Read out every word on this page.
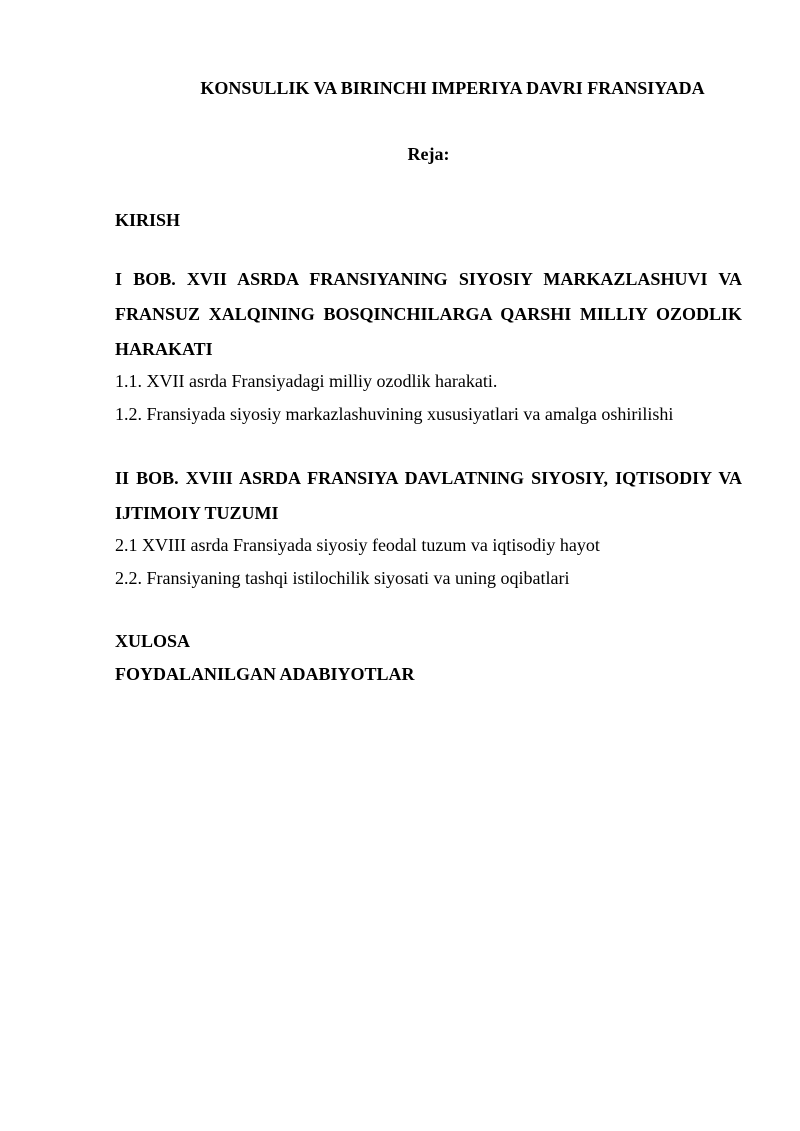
KONSULLIK VA BIRINCHI IMPERIYA DAVRI FRANSIYADA

Reja:

KIRISH

I BOB. XVII ASRDA FRANSIYANING SIYOSIY MARKAZLASHUVI VA FRANSUZ XALQINING BOSQINCHILARGA QARSHI MILLIY OZODLIK HARAKATI

1.1. XVII asrda Fransiyadagi milliy ozodlik harakati.

1.2. Fransiyada siyosiy markazlashuvining xususiyatlari va amalga oshirilishi

II BOB. XVIII ASRDA FRANSIYA DAVLATNING SIYOSIY, IQTISODIY VA IJTIMOIY TUZUMI

2.1 XVIII asrda Fransiyada siyosiy feodal tuzum va iqtisodiy hayot

2.2. Fransiyaning tashqi istilochilik siyosati va uning oqibatlari

XULOSA

FOYDALANILGAN ADABIYOTLAR
